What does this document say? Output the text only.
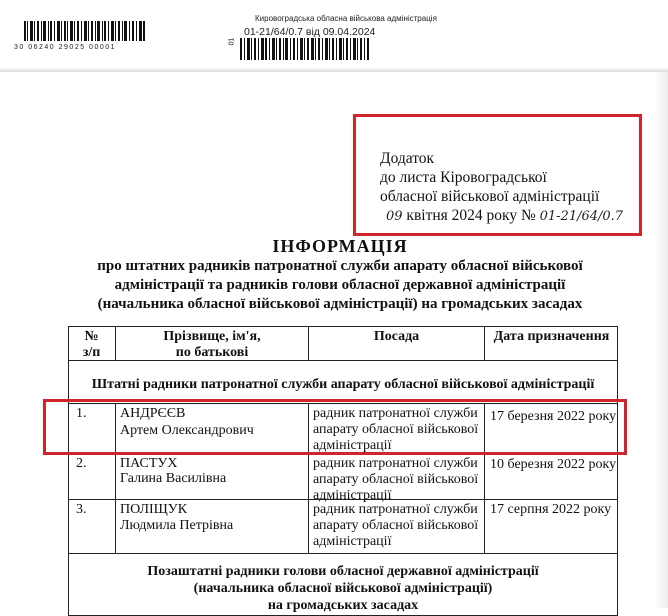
30 06240 29025 00001
Кировоградська обласна військова адміністрація
01-21/64/0.7 від 09.04.2024
01
Додаток
до листа Кіровоградської
обласної військової адміністрації
09 квітня 2024 року № 01-21/64/0.7
ІНФОРМАЦІЯ
про штатних радників патронатної служби апарату обласної військової
адміністрації та радників голови обласної державної адміністрації
(начальника обласної військової адміністрації) на громадських засадах
№
з/п
Прізвище, ім'я,
по батькові
Посада	Дата призначення
Штатні радники патронатної служби апарату обласної військової адміністрації
1. АНДРЄЄВ
Артем Олександрович
радник патронатної служби
апарату обласної військової
адміністрації
17 березня 2022 року
2. ПАСТУХ
Галина Василівна
радник патронатної служби
апарату обласної військової
адміністрації
10 березня 2022 року
3. ПОЛІЩУК
Людмила Петрівна
радник патронатної служби
апарату обласної військової
адміністрації
17 серпня 2022 року
Позаштатні радники голови обласної державної адміністрації
(начальника обласної військової адміністрації)
на громадських засадах
